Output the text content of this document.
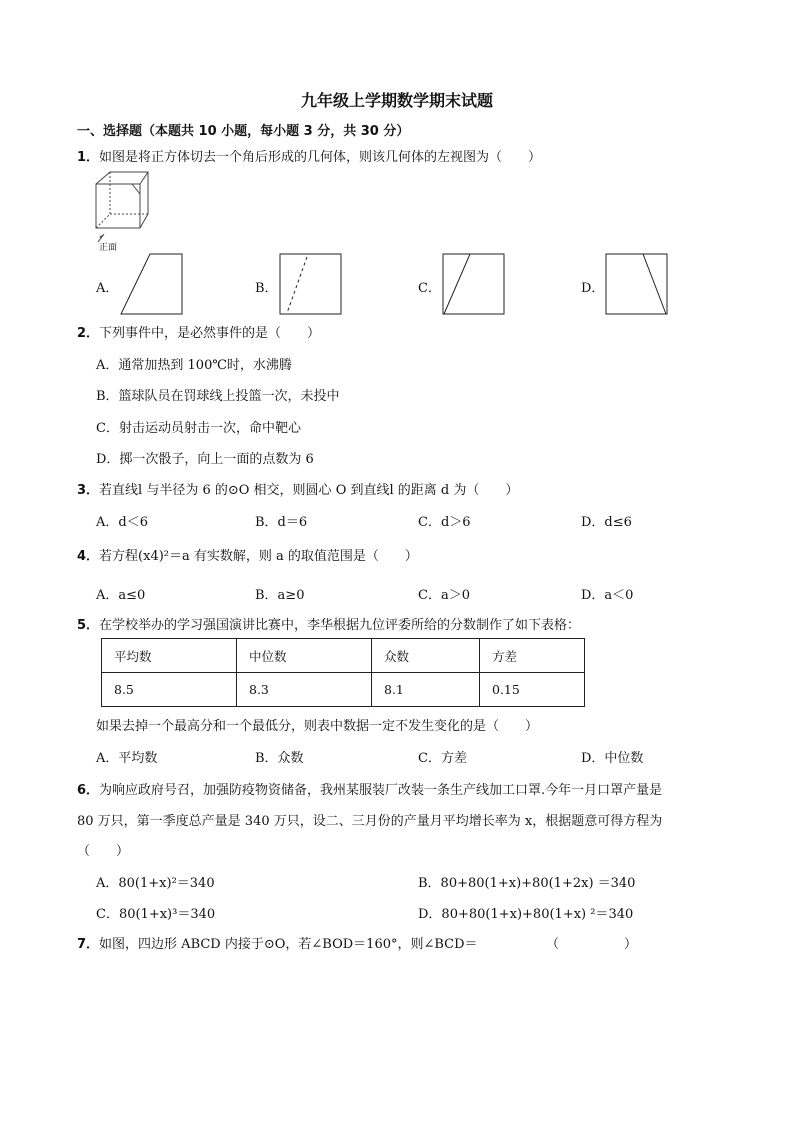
九年级上学期数学期末试题
一、选择题（本题共 10 小题，每小题 3 分，共 30 分）
1．如图是将正方体切去一个角后形成的几何体，则该几何体的左视图为（　　）
正面
A．	B．	C．	D．
2．下列事件中，是必然事件的是（　　）
A．通常加热到 100℃时，水沸腾
B．篮球队员在罚球线上投篮一次，未投中
C．射击运动员射击一次，命中靶心
D．掷一次骰子，向上一面的点数为 6
3．若直线l 与半径为 6 的⊙O 相交，则圆心 O 到直线l 的距离 d 为（　　）
A．d＜6	B．d＝6	C．d＞6	D．d≤6
4．若方程(x4)²＝a 有实数解，则 a 的取值范围是（　　）
A．a≤0	B．a≥0	C．a＞0	D．a＜0
5．在学校举办的学习强国演讲比赛中，李华根据九位评委所给的分数制作了如下表格：
平均数	中位数	众数	方差
8.5	8.3	8.1	0.15
如果去掉一个最高分和一个最低分，则表中数据一定不发生变化的是（　　）
A．平均数	B．众数	C．方差	D．中位数
6．为响应政府号召，加强防疫物资储备，我州某服装厂改装一条生产线加工口罩.今年一月口罩产量是
80 万只，第一季度总产量是 340 万只，设二、三月份的产量月平均增长率为 x，根据题意可得方程为
（　　）
A．80(1+x)²＝340	B．80+80(1+x)+80(1+2x) ＝340
C．80(1+x)³＝340	D．80+80(1+x)+80(1+x) ²＝340
7．如图，四边形 ABCD 内接于⊙O，若∠BOD＝160°，则∠BCD＝	（　　　　　）
